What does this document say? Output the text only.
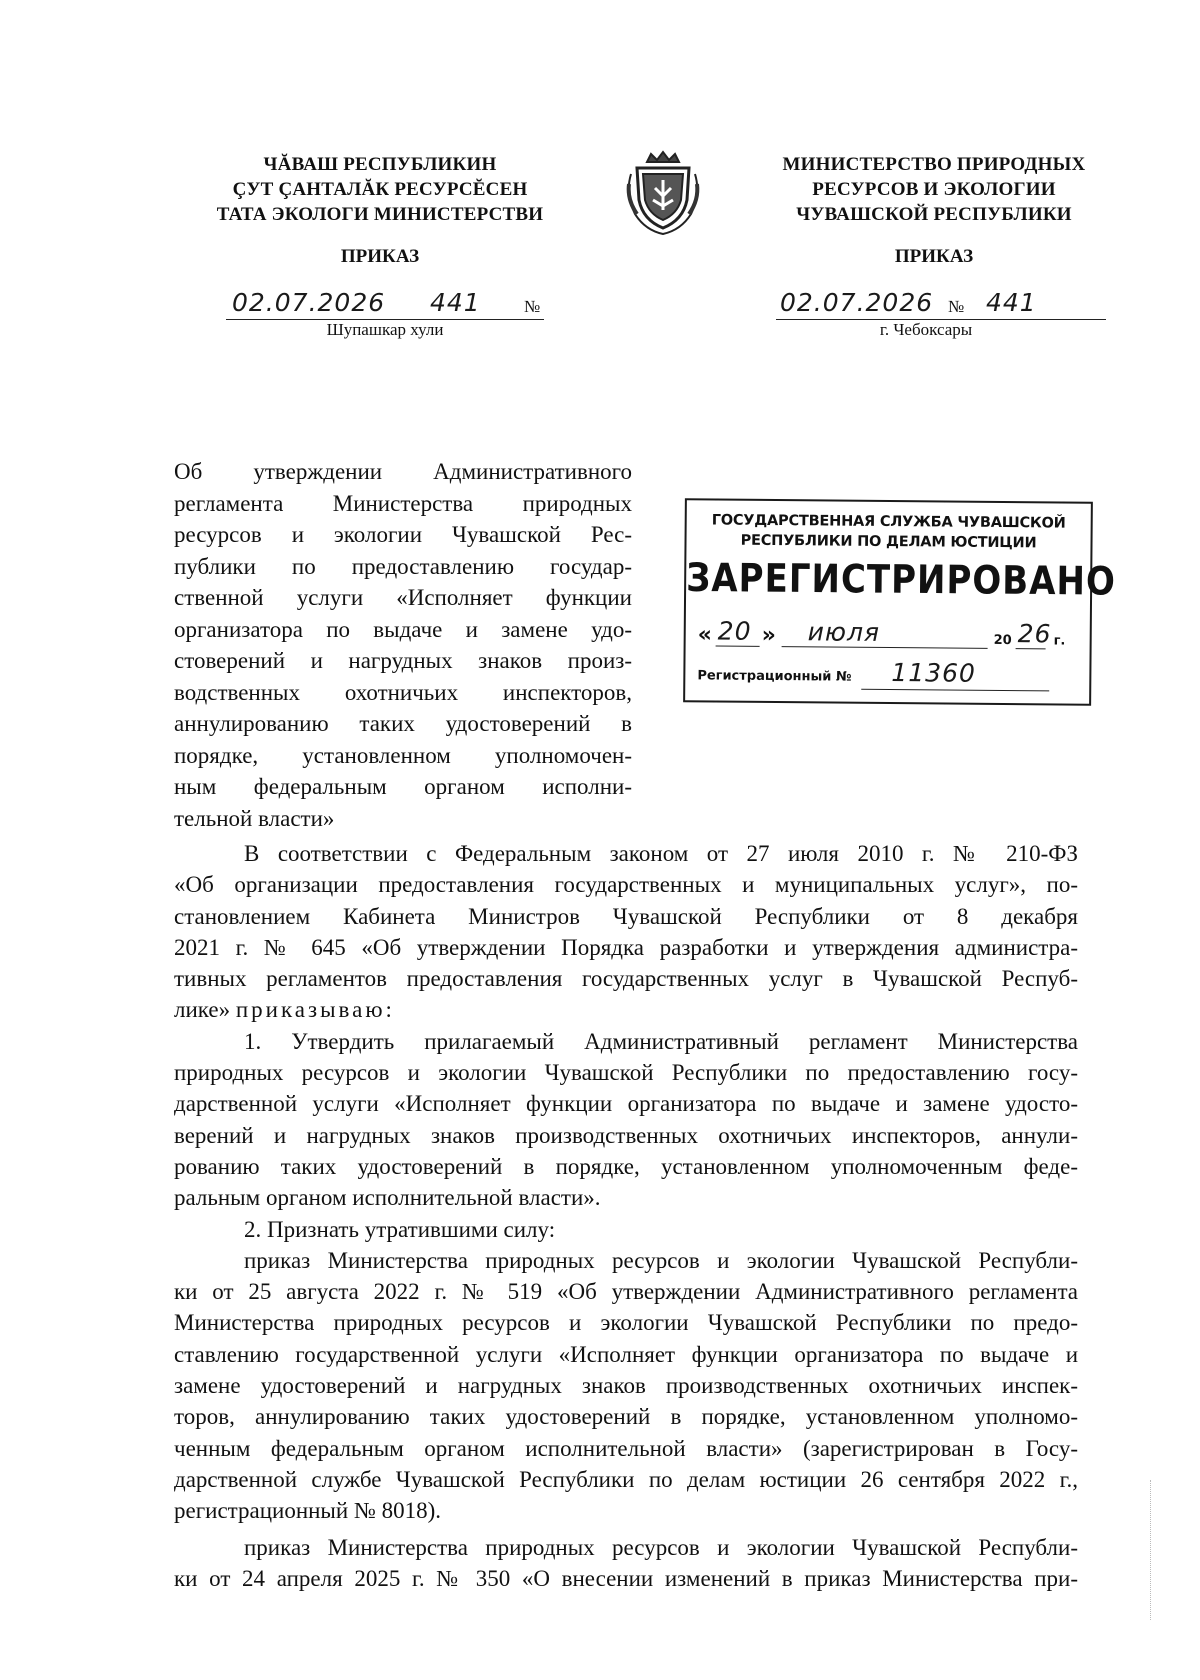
ЧĂВАШ РЕСПУБЛИКИН
ÇУТ ÇАНТАЛĂК РЕСУРСĔСЕН
ТАТА ЭКОЛОГИ МИНИСТЕРСТВИ
МИНИСТЕРСТВО ПРИРОДНЫХ
РЕСУРСОВ И ЭКОЛОГИИ
ЧУВАШСКОЙ РЕСПУБЛИКИ
ПРИКАЗ	ПРИКАЗ
02.07.2026 441	№	02.07.2026 № 441
Шупашкар хули	г. Чебоксары
Об утверждении Административного
регламента Министерства природных
ресурсов и экологии Чувашской Рес-
публики по предоставлению государ-
ственной услуги «Исполняет функции
организатора по выдаче и замене удо-
стоверений и нагрудных знаков произ-
водственных охотничьих инспекторов,
аннулированию таких удостоверений в
порядке, установленном уполномочен-
ным федеральным органом исполни-
тельной власти»
ГОСУДАРСТВЕННАЯ СЛУЖБА ЧУВАШСКОЙ
РЕСПУБЛИКИ ПО ДЕЛАМ ЮСТИЦИИ
ЗАРЕГИСТРИРОВАНО
« 20 » июля	20 26 г.
Регистрационный № 11360
В соответствии с Федеральным законом от 27 июля 2010 г. № 210-ФЗ
«Об организации предоставления государственных и муниципальных услуг», по-
становлением Кабинета Министров Чувашской Республики от 8 декабря
2021 г. № 645 «Об утверждении Порядка разработки и утверждения администра-
тивных регламентов предоставления государственных услуг в Чувашской Респуб-
лике» приказываю:
1. Утвердить прилагаемый Административный регламент Министерства
природных ресурсов и экологии Чувашской Республики по предоставлению госу-
дарственной услуги «Исполняет функции организатора по выдаче и замене удосто-
верений и нагрудных знаков производственных охотничьих инспекторов, аннули-
рованию таких удостоверений в порядке, установленном уполномоченным феде-
ральным органом исполнительной власти».
2. Признать утратившими силу:
приказ Министерства природных ресурсов и экологии Чувашской Республи-
ки от 25 августа 2022 г. № 519 «Об утверждении Административного регламента
Министерства природных ресурсов и экологии Чувашской Республики по предо-
ставлению государственной услуги «Исполняет функции организатора по выдаче и
замене удостоверений и нагрудных знаков производственных охотничьих инспек-
торов, аннулированию таких удостоверений в порядке, установленном уполномо-
ченным федеральным органом исполнительной власти» (зарегистрирован в Госу-
дарственной службе Чувашской Республики по делам юстиции 26 сентября 2022 г.,
регистрационный № 8018).
приказ Министерства природных ресурсов и экологии Чувашской Республи-
ки от 24 апреля 2025 г. № 350 «О внесении изменений в приказ Министерства при-
